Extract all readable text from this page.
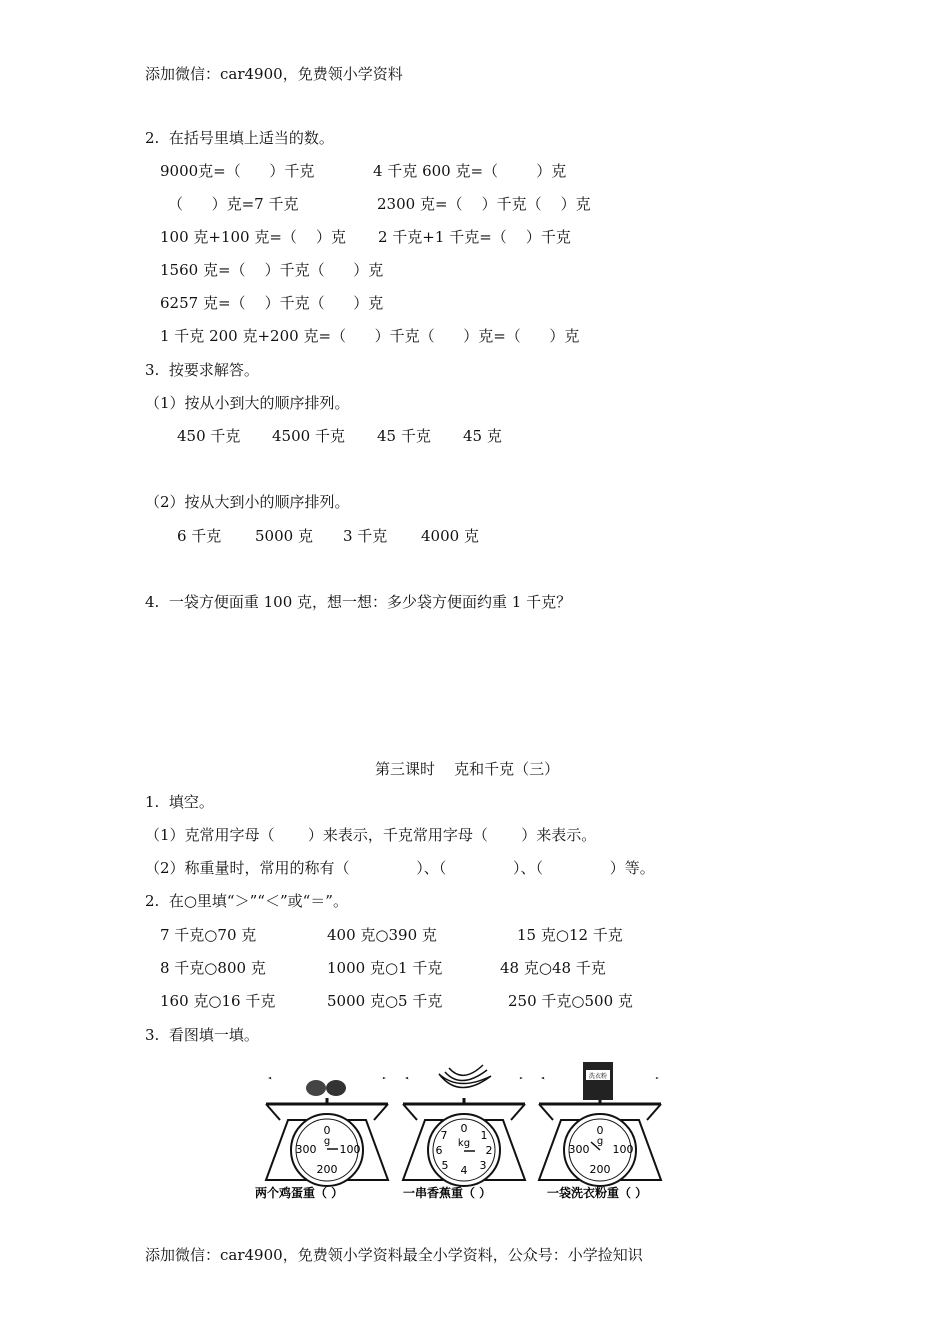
添加微信：car4900，免费领小学资料
2.  在括号里填上适当的数。
9000克=（      ）千克	4 千克 600 克=（        ）克
（      ）克=7 千克	2300 克=（    ）千克（    ）克
100 克+100 克=（    ）克 2 千克+1 千克=（    ）千克
1560 克=（    ）千克（      ）克
6257 克=（    ）千克（      ）克
1 千克 200 克+200 克=（      ）千克（      ）克=（      ）克
3.  按要求解答。
（1）按从小到大的顺序排列。
450 千克 4500 千克 45 千克 45 克
（2）按从大到小的顺序排列。
6 千克 5000 克 3 千克 4000 克
4.  一袋方便面重 100 克，想一想：多少袋方便面约重 1 千克？
第三课时    克和千克（三）
1.  填空。
（1）克常用字母（       ）来表示，千克常用字母（       ）来表示。
（2）称重量时，常用的称有（              ）、（              ）、（              ）等。
2.  在○里填“＞”“＜”或“＝”。
7 千克○70 克	400 克○390 克	15 克○12 千克
8 千克○800 克	1000 克○1 千克	48 克○48 千克
160 克○16 千克	5000 克○5 千克	250 千克○500 克
3.  看图填一填。
0
g
100
200
300
0
kg
1
2
3
4
5
6
7
洗衣粉
0
g
100
200
300
两个鸡蛋重（ ）	一串香蕉重（ ）	一袋洗衣粉重（ ）
添加微信：car4900，免费领小学资料最全小学资料，公众号：小学捡知识
